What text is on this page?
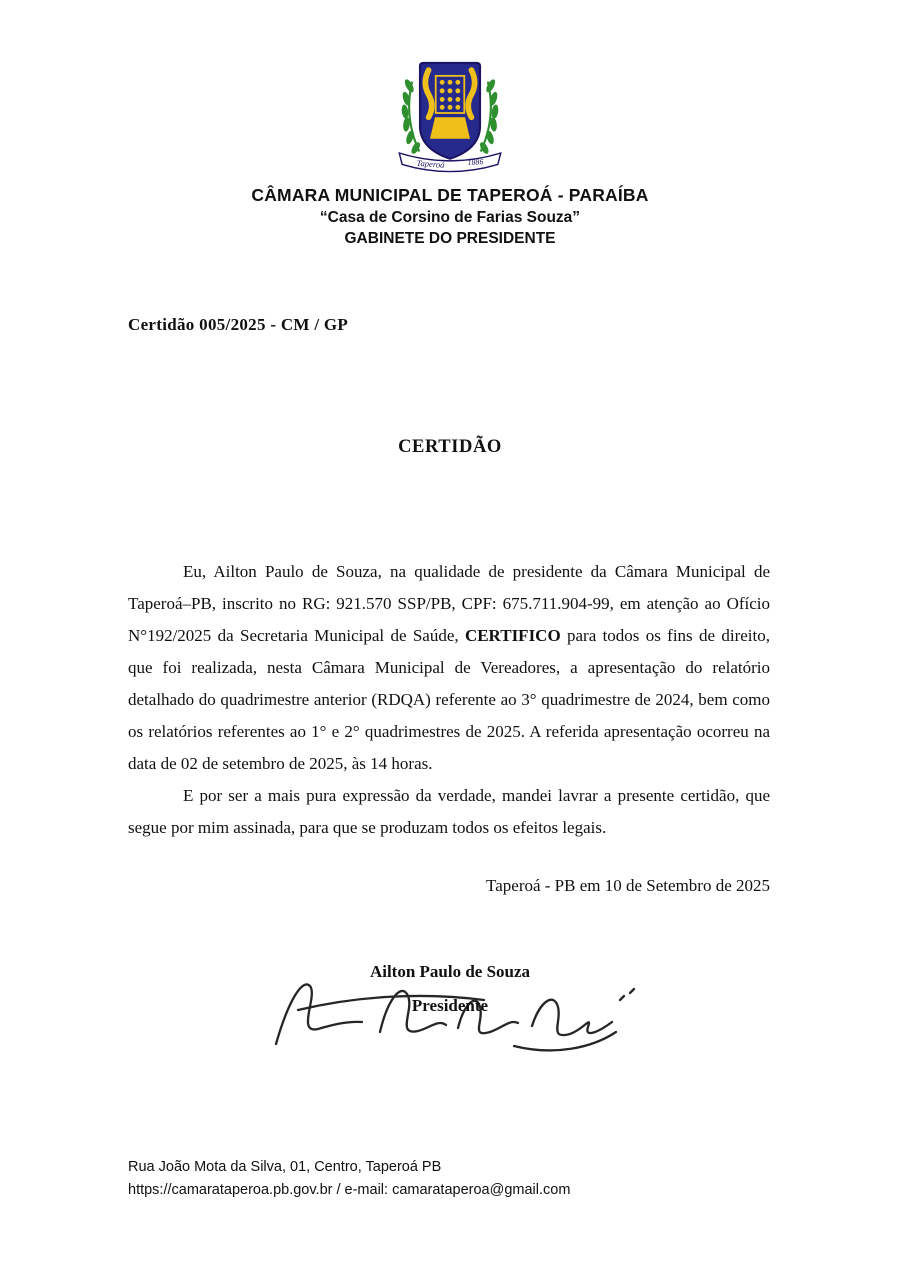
Taperoá 1886
CÂMARA MUNICIPAL DE TAPEROÁ - PARAÍBA
“Casa de Corsino de Farias Souza”
GABINETE DO PRESIDENTE
Certidão 005/2025 - CM / GP
CERTIDÃO

Eu, Ailton Paulo de Souza, na qualidade de presidente da Câmara Municipal de Taperoá–PB, inscrito no RG: 921.570 SSP/PB, CPF: 675.711.904-99, em atenção ao Ofício N°192/2025 da Secretaria Municipal de Saúde, CERTIFICO para todos os fins de direito, que foi realizada, nesta Câmara Municipal de Vereadores, a apresentação do relatório detalhado do quadrimestre anterior (RDQA) referente ao 3° quadrimestre de 2024, bem como os relatórios referentes ao 1° e 2° quadrimestres de 2025. A referida apresentação ocorreu na data de 02 de setembro de 2025, às 14 horas.

E por ser a mais pura expressão da verdade, mandei lavrar a presente certidão, que segue por mim assinada, para que se produzam todos os efeitos legais.

Taperoá - PB em 10 de Setembro de 2025
Ailton Paulo de Souza
Presidente
Rua João Mota da Silva, 01, Centro, Taperoá PB
https://camarataperoa.pb.gov.br / e-mail: camarataperoa@gmail.com
